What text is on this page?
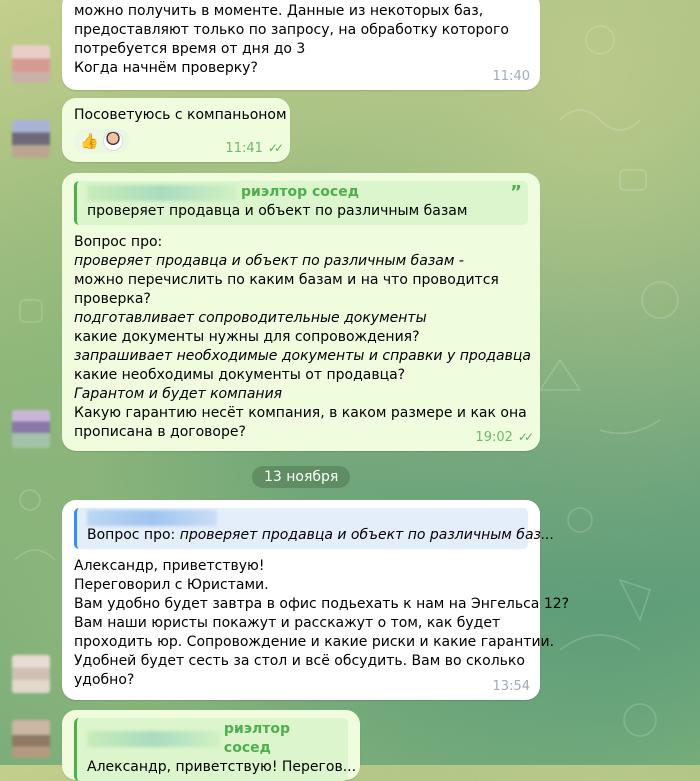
можно получить в моменте. Данные из некоторых баз,
предоставляют только по запросу, на обработку которого
потребуется время от дня до 3
Когда начнём проверку?
11:40
Посоветуюсь с компаньоном
👍	11:41 ✓✓
риэлтор сосед
проверяет продавца и объект по различным базам
”
Вопрос про:
проверяет продавца и объект по различным базам -
можно перечислить по каким базам и на что проводится
проверка?
подготавливает сопроводительные документы
какие документы нужны для сопровождения?
запрашивает необходимые документы и справки у продавца
какие необходимы документы от продавца?
Гарантом и будет компания
Какую гарантию несёт компания, в каком размере и как она
прописана в договоре?	19:02 ✓✓
13 ноября
Вопрос про: проверяет продавца и объект по различным баз...
Александр, приветствую!
Переговорил с Юристами.
Вам удобно будет завтра в офис подьехать к нам на Энгельса 12?
Вам наши юристы покажут и расскажут о том, как будет
проходить юр. Сопровождение и какие риски и какие гарантии.
Удобней будет сесть за стол и всё обсудить. Вам во сколько
удобно?	13:54
риэлтор сосед
Александр, приветствую! Перегов...
